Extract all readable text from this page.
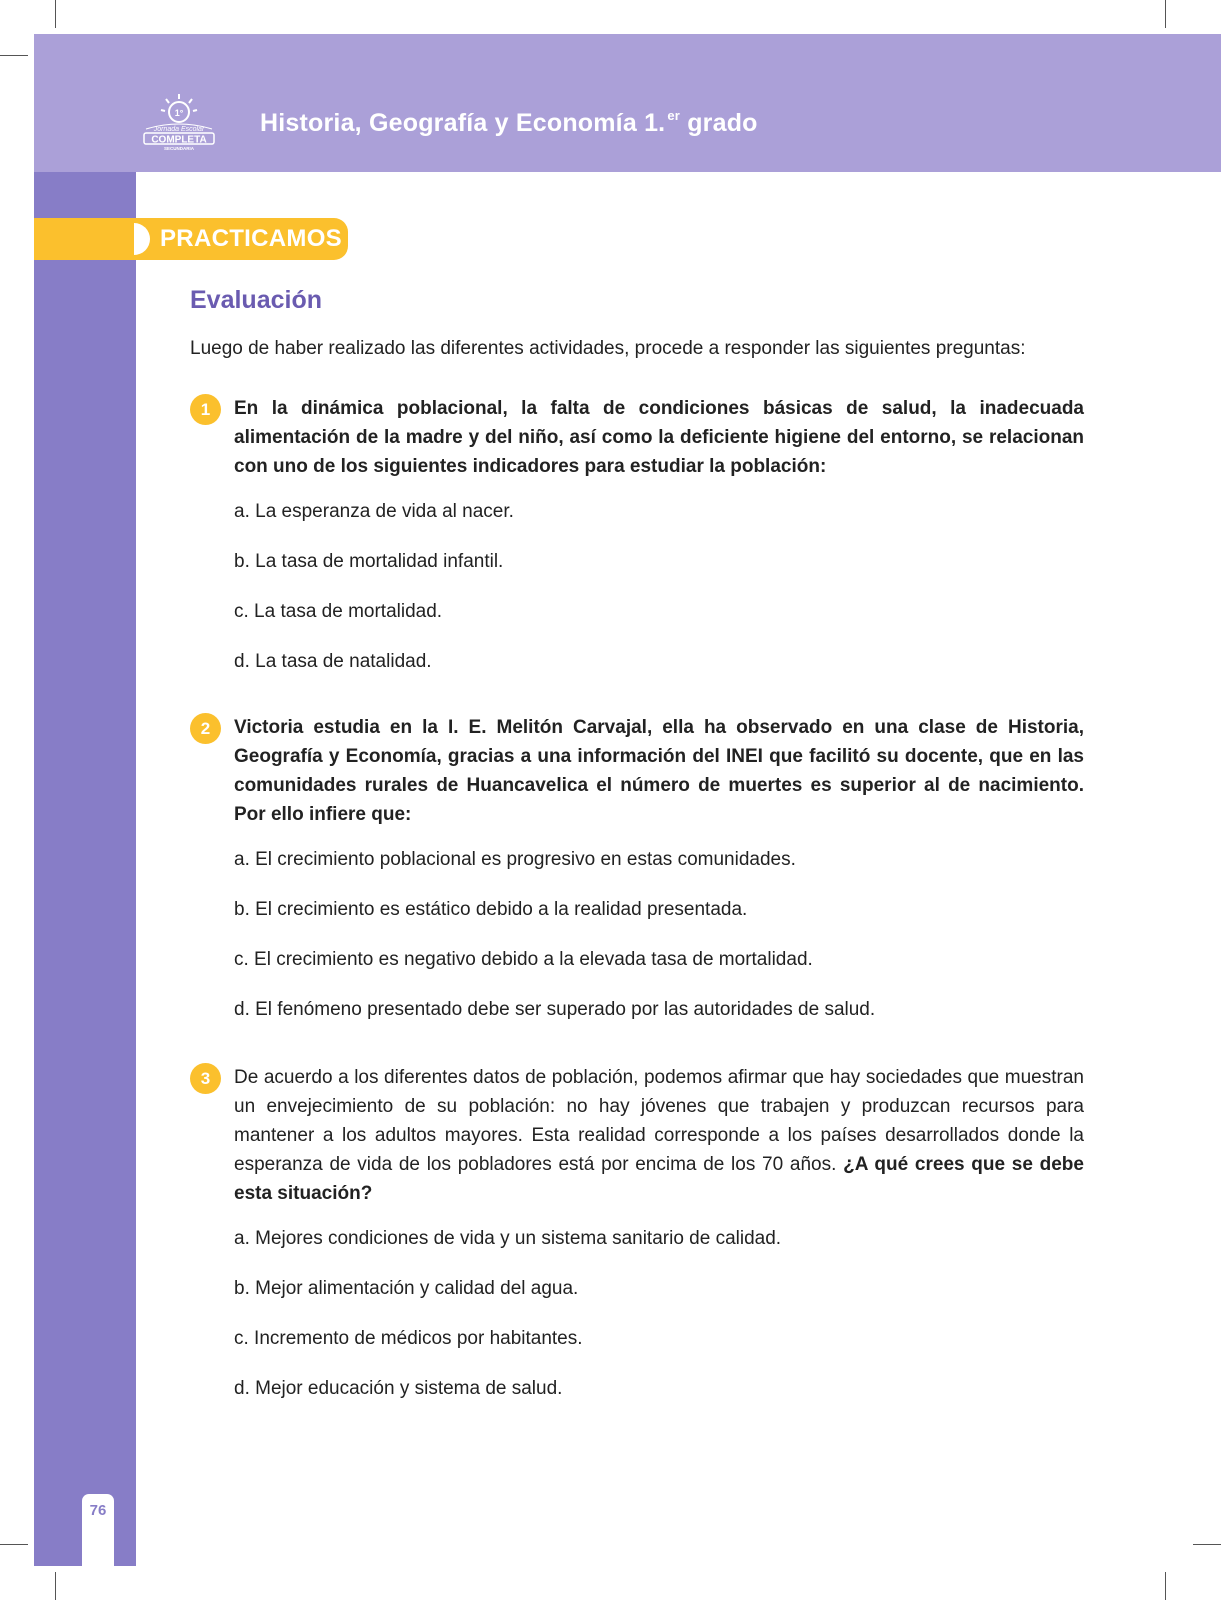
1°
Jornada Escolar
COMPLETA
SECUNDARIA
Historia, Geografía y Economía 1. $^{er}$ grado
76
PRACTICAMOS
Evaluación

Luego de haber realizado las diferentes actividades, procede a responder las siguientes preguntas:

1	En la dinámica poblacional, la falta de condiciones básicas de salud, la inadecuada alimentación de la madre y del niño, así como la deficiente higiene del entorno, se relacionan con uno de los siguientes indicadores para estudiar la población:

a. La esperanza de vida al nacer.
b. La tasa de mortalidad infantil.
c. La tasa de mortalidad.
d. La tasa de natalidad.
2	Victoria estudia en la I. E. Melitón Carvajal, ella ha observado en una clase de Historia, Geografía y Economía, gracias a una información del INEI que facilitó su docente, que en las comunidades rurales de Huancavelica el número de muertes es superior al de nacimiento. Por ello infiere que:

a. El crecimiento poblacional es progresivo en estas comunidades.
b. El crecimiento es estático debido a la realidad presentada.
c. El crecimiento es negativo debido a la elevada tasa de mortalidad.
d. El fenómeno presentado debe ser superado por las autoridades de salud.
3	De acuerdo a los diferentes datos de población, podemos afirmar que hay sociedades que muestran un envejecimiento de su población: no hay jóvenes que trabajen y produzcan recursos para mantener a los adultos mayores. Esta realidad corresponde a los países desarrollados donde la esperanza de vida de los pobladores está por encima de los 70 años. ¿A qué crees que se debe esta situación?

a. Mejores condiciones de vida y un sistema sanitario de calidad.
b. Mejor alimentación y calidad del agua.
c. Incremento de médicos por habitantes.
d. Mejor educación y sistema de salud.
